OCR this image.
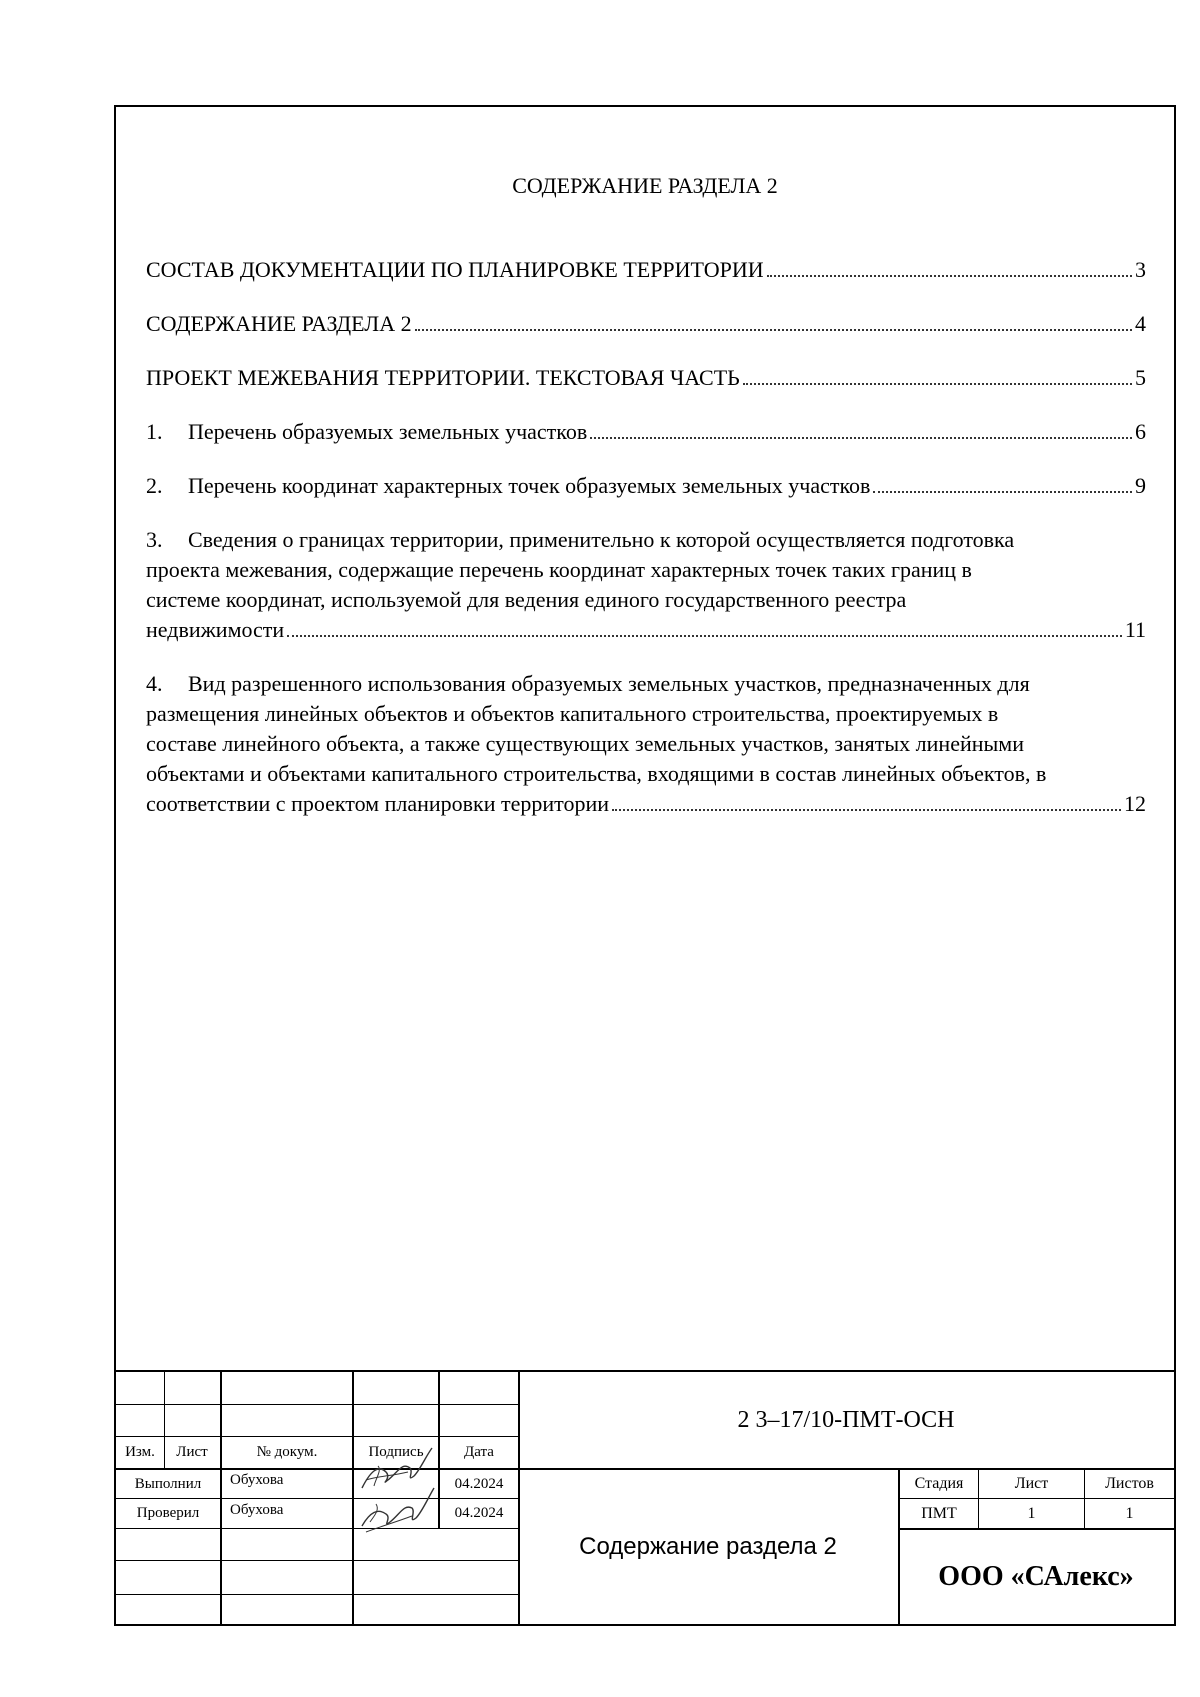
СОДЕРЖАНИЕ РАЗДЕЛА 2
СОСТАВ ДОКУМЕНТАЦИИ ПО ПЛАНИРОВКЕ ТЕРРИТОРИИ	3
СОДЕРЖАНИЕ РАЗДЕЛА 2	4
ПРОЕКТ МЕЖЕВАНИЯ ТЕРРИТОРИИ. ТЕКСТОВАЯ ЧАСТЬ	5
1. Перечень образуемых земельных участков	6
2. Перечень координат характерных точек образуемых земельных участков	9
3. Сведения о границах территории, применительно к которой осуществляется подготовка
проекта межевания, содержащие перечень координат характерных точек таких границ в
системе координат, используемой для ведения единого государственного реестра
недвижимости	11
4. Вид разрешенного использования образуемых земельных участков, предназначенных для
размещения линейных объектов и объектов капитального строительства, проектируемых в
составе линейного объекта, а также существующих земельных участков, занятых линейными
объектами и объектами капитального строительства, входящими в состав линейных объектов, в
соответствии с проектом планировки территории	12
Изм.	Лист	№ докум.	Подпись	Дата
Выполнил	Обухова	04.2024
Проверил	Обухова	04.2024
2 3–17/10-ПМТ-ОСН
Содержание раздела 2
Стадия	Лист	Листов
ПМТ	1	1
ООО «САлекс»
